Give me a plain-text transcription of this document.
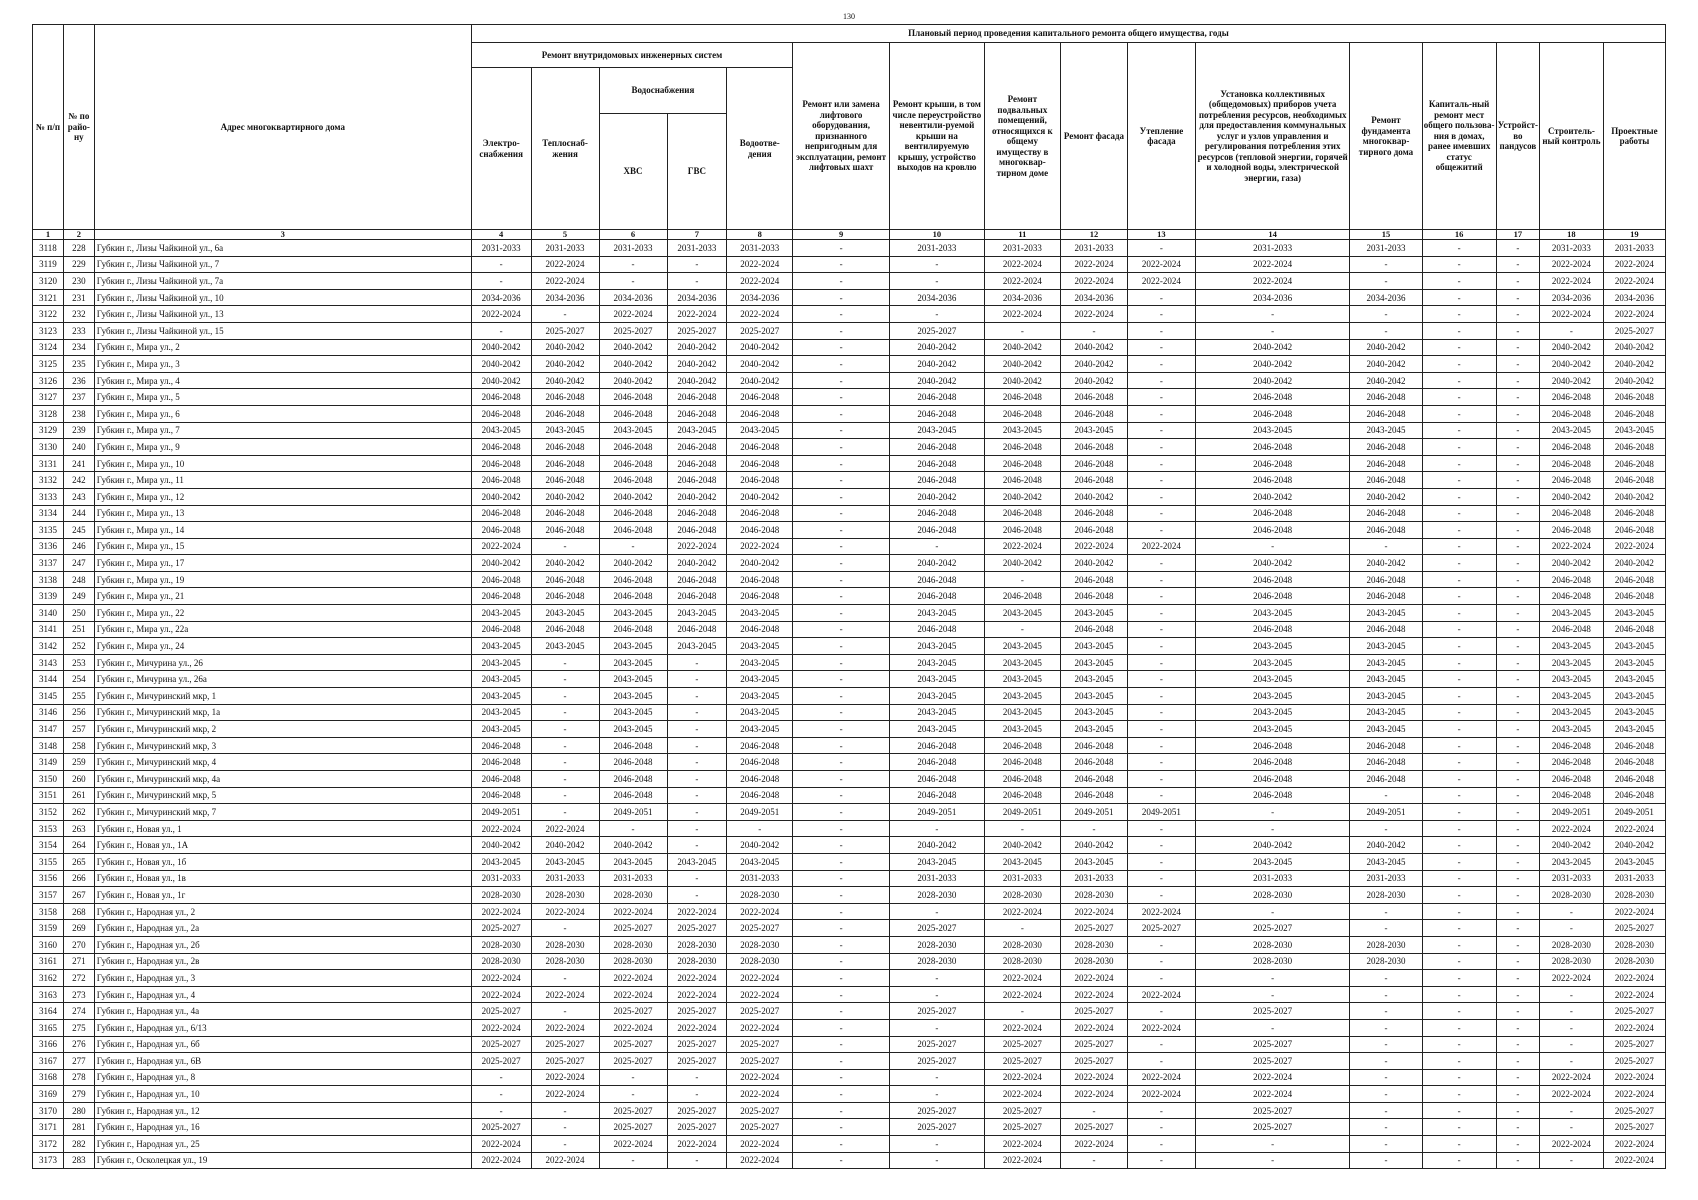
130
№ п/п	№ по райо-ну	Адрес многоквартирного дома	Плановый период проведения капитального ремонта общего имущества, годы															
			Ремонт внутридомовых инженерных систем					Ремонт или замена лифтового оборудования, признанного непригодным для эксплуатации, ремонт лифтовых шахт	Ремонт крыши, в том числе переустройство невентили-руемой крыши на вентилируемую крышу, устройство выходов на кровлю	Ремонт подвальных помещений, относящихся к общему имуществу в многоквар-тирном доме	Ремонт фасада	Утепление фасада	Установка коллективных (общедомовых) приборов учета потребления ресурсов, необходимых для предоставления коммунальных услуг и узлов управления и регулирования потребления этих ресурсов (тепловой энергии, горячей и холодной воды, электрической энергии, газа)	Ремонт фундамента многоквар-тирного дома	Капиталь-ный ремонт мест общего пользова-ния в домах, ранее имевших статус общежитий	Устройст-во пандусов	Строитель-ный контроль	Проектные работы
			Электро-снабжения	Теплоснаб-жения	Водоснабжения		Водоотве-дения											
					ХВС	ГВС												
1	2	3	4	5	6	7	8	9	10	11	12	13	14	15	16	17	18	19
3118	228	Губкин г., Лизы Чайкиной ул., 6а	2031-2033	2031-2033	2031-2033	2031-2033	2031-2033	-	2031-2033	2031-2033	2031-2033	-	2031-2033	2031-2033	-	-	2031-2033	2031-2033
3119	229	Губкин г., Лизы Чайкиной ул., 7	-	2022-2024	-	-	2022-2024	-	-	2022-2024	2022-2024	2022-2024	2022-2024	-	-	-	2022-2024	2022-2024
3120	230	Губкин г., Лизы Чайкиной ул., 7а	-	2022-2024	-	-	2022-2024	-	-	2022-2024	2022-2024	2022-2024	2022-2024	-	-	-	2022-2024	2022-2024
3121	231	Губкин г., Лизы Чайкиной ул., 10	2034-2036	2034-2036	2034-2036	2034-2036	2034-2036	-	2034-2036	2034-2036	2034-2036	-	2034-2036	2034-2036	-	-	2034-2036	2034-2036
3122	232	Губкин г., Лизы Чайкиной ул., 13	2022-2024	-	2022-2024	2022-2024	2022-2024	-	-	2022-2024	2022-2024	-	-	-	-	-	2022-2024	2022-2024
3123	233	Губкин г., Лизы Чайкиной ул., 15	-	2025-2027	2025-2027	2025-2027	2025-2027	-	2025-2027	-	-	-	-	-	-	-	-	2025-2027
3124	234	Губкин г., Мира ул., 2	2040-2042	2040-2042	2040-2042	2040-2042	2040-2042	-	2040-2042	2040-2042	2040-2042	-	2040-2042	2040-2042	-	-	2040-2042	2040-2042
3125	235	Губкин г., Мира ул., 3	2040-2042	2040-2042	2040-2042	2040-2042	2040-2042	-	2040-2042	2040-2042	2040-2042	-	2040-2042	2040-2042	-	-	2040-2042	2040-2042
3126	236	Губкин г., Мира ул., 4	2040-2042	2040-2042	2040-2042	2040-2042	2040-2042	-	2040-2042	2040-2042	2040-2042	-	2040-2042	2040-2042	-	-	2040-2042	2040-2042
3127	237	Губкин г., Мира ул., 5	2046-2048	2046-2048	2046-2048	2046-2048	2046-2048	-	2046-2048	2046-2048	2046-2048	-	2046-2048	2046-2048	-	-	2046-2048	2046-2048
3128	238	Губкин г., Мира ул., 6	2046-2048	2046-2048	2046-2048	2046-2048	2046-2048	-	2046-2048	2046-2048	2046-2048	-	2046-2048	2046-2048	-	-	2046-2048	2046-2048
3129	239	Губкин г., Мира ул., 7	2043-2045	2043-2045	2043-2045	2043-2045	2043-2045	-	2043-2045	2043-2045	2043-2045	-	2043-2045	2043-2045	-	-	2043-2045	2043-2045
3130	240	Губкин г., Мира ул., 9	2046-2048	2046-2048	2046-2048	2046-2048	2046-2048	-	2046-2048	2046-2048	2046-2048	-	2046-2048	2046-2048	-	-	2046-2048	2046-2048
3131	241	Губкин г., Мира ул., 10	2046-2048	2046-2048	2046-2048	2046-2048	2046-2048	-	2046-2048	2046-2048	2046-2048	-	2046-2048	2046-2048	-	-	2046-2048	2046-2048
3132	242	Губкин г., Мира ул., 11	2046-2048	2046-2048	2046-2048	2046-2048	2046-2048	-	2046-2048	2046-2048	2046-2048	-	2046-2048	2046-2048	-	-	2046-2048	2046-2048
3133	243	Губкин г., Мира ул., 12	2040-2042	2040-2042	2040-2042	2040-2042	2040-2042	-	2040-2042	2040-2042	2040-2042	-	2040-2042	2040-2042	-	-	2040-2042	2040-2042
3134	244	Губкин г., Мира ул., 13	2046-2048	2046-2048	2046-2048	2046-2048	2046-2048	-	2046-2048	2046-2048	2046-2048	-	2046-2048	2046-2048	-	-	2046-2048	2046-2048
3135	245	Губкин г., Мира ул., 14	2046-2048	2046-2048	2046-2048	2046-2048	2046-2048	-	2046-2048	2046-2048	2046-2048	-	2046-2048	2046-2048	-	-	2046-2048	2046-2048
3136	246	Губкин г., Мира ул., 15	2022-2024	-	-	2022-2024	2022-2024	-	-	2022-2024	2022-2024	2022-2024	-	-	-	-	2022-2024	2022-2024
3137	247	Губкин г., Мира ул., 17	2040-2042	2040-2042	2040-2042	2040-2042	2040-2042	-	2040-2042	2040-2042	2040-2042	-	2040-2042	2040-2042	-	-	2040-2042	2040-2042
3138	248	Губкин г., Мира ул., 19	2046-2048	2046-2048	2046-2048	2046-2048	2046-2048	-	2046-2048	-	2046-2048	-	2046-2048	2046-2048	-	-	2046-2048	2046-2048
3139	249	Губкин г., Мира ул., 21	2046-2048	2046-2048	2046-2048	2046-2048	2046-2048	-	2046-2048	2046-2048	2046-2048	-	2046-2048	2046-2048	-	-	2046-2048	2046-2048
3140	250	Губкин г., Мира ул., 22	2043-2045	2043-2045	2043-2045	2043-2045	2043-2045	-	2043-2045	2043-2045	2043-2045	-	2043-2045	2043-2045	-	-	2043-2045	2043-2045
3141	251	Губкин г., Мира ул., 22а	2046-2048	2046-2048	2046-2048	2046-2048	2046-2048	-	2046-2048	-	2046-2048	-	2046-2048	2046-2048	-	-	2046-2048	2046-2048
3142	252	Губкин г., Мира ул., 24	2043-2045	2043-2045	2043-2045	2043-2045	2043-2045	-	2043-2045	2043-2045	2043-2045	-	2043-2045	2043-2045	-	-	2043-2045	2043-2045
3143	253	Губкин г., Мичурина ул., 26	2043-2045	-	2043-2045	-	2043-2045	-	2043-2045	2043-2045	2043-2045	-	2043-2045	2043-2045	-	-	2043-2045	2043-2045
3144	254	Губкин г., Мичурина ул., 26а	2043-2045	-	2043-2045	-	2043-2045	-	2043-2045	2043-2045	2043-2045	-	2043-2045	2043-2045	-	-	2043-2045	2043-2045
3145	255	Губкин г., Мичуринский мкр, 1	2043-2045	-	2043-2045	-	2043-2045	-	2043-2045	2043-2045	2043-2045	-	2043-2045	2043-2045	-	-	2043-2045	2043-2045
3146	256	Губкин г., Мичуринский мкр, 1а	2043-2045	-	2043-2045	-	2043-2045	-	2043-2045	2043-2045	2043-2045	-	2043-2045	2043-2045	-	-	2043-2045	2043-2045
3147	257	Губкин г., Мичуринский мкр, 2	2043-2045	-	2043-2045	-	2043-2045	-	2043-2045	2043-2045	2043-2045	-	2043-2045	2043-2045	-	-	2043-2045	2043-2045
3148	258	Губкин г., Мичуринский мкр, 3	2046-2048	-	2046-2048	-	2046-2048	-	2046-2048	2046-2048	2046-2048	-	2046-2048	2046-2048	-	-	2046-2048	2046-2048
3149	259	Губкин г., Мичуринский мкр, 4	2046-2048	-	2046-2048	-	2046-2048	-	2046-2048	2046-2048	2046-2048	-	2046-2048	2046-2048	-	-	2046-2048	2046-2048
3150	260	Губкин г., Мичуринский мкр, 4а	2046-2048	-	2046-2048	-	2046-2048	-	2046-2048	2046-2048	2046-2048	-	2046-2048	2046-2048	-	-	2046-2048	2046-2048
3151	261	Губкин г., Мичуринский мкр, 5	2046-2048	-	2046-2048	-	2046-2048	-	2046-2048	2046-2048	2046-2048	-	2046-2048	-	-	-	2046-2048	2046-2048
3152	262	Губкин г., Мичуринский мкр, 7	2049-2051	-	2049-2051	-	2049-2051	-	2049-2051	2049-2051	2049-2051	2049-2051	-	2049-2051	-	-	2049-2051	2049-2051
3153	263	Губкин г., Новая ул., 1	2022-2024	2022-2024	-	-	-	-	-	-	-	-	-	-	-	-	2022-2024	2022-2024
3154	264	Губкин г., Новая ул., 1А	2040-2042	2040-2042	2040-2042	-	2040-2042	-	2040-2042	2040-2042	2040-2042	-	2040-2042	2040-2042	-	-	2040-2042	2040-2042
3155	265	Губкин г., Новая ул., 1б	2043-2045	2043-2045	2043-2045	2043-2045	2043-2045	-	2043-2045	2043-2045	2043-2045	-	2043-2045	2043-2045	-	-	2043-2045	2043-2045
3156	266	Губкин г., Новая ул., 1в	2031-2033	2031-2033	2031-2033	-	2031-2033	-	2031-2033	2031-2033	2031-2033	-	2031-2033	2031-2033	-	-	2031-2033	2031-2033
3157	267	Губкин г., Новая ул., 1г	2028-2030	2028-2030	2028-2030	-	2028-2030	-	2028-2030	2028-2030	2028-2030	-	2028-2030	2028-2030	-	-	2028-2030	2028-2030
3158	268	Губкин г., Народная ул., 2	2022-2024	2022-2024	2022-2024	2022-2024	2022-2024	-	-	2022-2024	2022-2024	2022-2024	-	-	-	-	-	2022-2024
3159	269	Губкин г., Народная ул., 2а	2025-2027	-	2025-2027	2025-2027	2025-2027	-	2025-2027	-	2025-2027	2025-2027	2025-2027	-	-	-	-	2025-2027
3160	270	Губкин г., Народная ул., 2б	2028-2030	2028-2030	2028-2030	2028-2030	2028-2030	-	2028-2030	2028-2030	2028-2030	-	2028-2030	2028-2030	-	-	2028-2030	2028-2030
3161	271	Губкин г., Народная ул., 2в	2028-2030	2028-2030	2028-2030	2028-2030	2028-2030	-	2028-2030	2028-2030	2028-2030	-	2028-2030	2028-2030	-	-	2028-2030	2028-2030
3162	272	Губкин г., Народная ул., 3	2022-2024	-	2022-2024	2022-2024	2022-2024	-	-	2022-2024	2022-2024	-	-	-	-	-	2022-2024	2022-2024
3163	273	Губкин г., Народная ул., 4	2022-2024	2022-2024	2022-2024	2022-2024	2022-2024	-	-	2022-2024	2022-2024	2022-2024	-	-	-	-	-	2022-2024
3164	274	Губкин г., Народная ул., 4а	2025-2027	-	2025-2027	2025-2027	2025-2027	-	2025-2027	-	2025-2027	-	2025-2027	-	-	-	-	2025-2027
3165	275	Губкин г., Народная ул., 6/13	2022-2024	2022-2024	2022-2024	2022-2024	2022-2024	-	-	2022-2024	2022-2024	2022-2024	-	-	-	-	-	2022-2024
3166	276	Губкин г., Народная ул., 6б	2025-2027	2025-2027	2025-2027	2025-2027	2025-2027	-	2025-2027	2025-2027	2025-2027	-	2025-2027	-	-	-	-	2025-2027
3167	277	Губкин г., Народная ул., 6В	2025-2027	2025-2027	2025-2027	2025-2027	2025-2027	-	2025-2027	2025-2027	2025-2027	-	2025-2027	-	-	-	-	2025-2027
3168	278	Губкин г., Народная ул., 8	-	2022-2024	-	-	2022-2024	-	-	2022-2024	2022-2024	2022-2024	2022-2024	-	-	-	2022-2024	2022-2024
3169	279	Губкин г., Народная ул., 10	-	2022-2024	-	-	2022-2024	-	-	2022-2024	2022-2024	2022-2024	2022-2024	-	-	-	2022-2024	2022-2024
3170	280	Губкин г., Народная ул., 12	-	-	2025-2027	2025-2027	2025-2027	-	2025-2027	2025-2027	-	-	2025-2027	-	-	-	-	2025-2027
3171	281	Губкин г., Народная ул., 16	2025-2027	-	2025-2027	2025-2027	2025-2027	-	2025-2027	2025-2027	2025-2027	-	2025-2027	-	-	-	-	2025-2027
3172	282	Губкин г., Народная ул., 25	2022-2024	-	2022-2024	2022-2024	2022-2024	-	-	2022-2024	2022-2024	-	-	-	-	-	2022-2024	2022-2024
3173	283	Губкин г., Осколецкая ул., 19	2022-2024	2022-2024	-	-	2022-2024	-	-	2022-2024	-	-	-	-	-	-	-	2022-2024
